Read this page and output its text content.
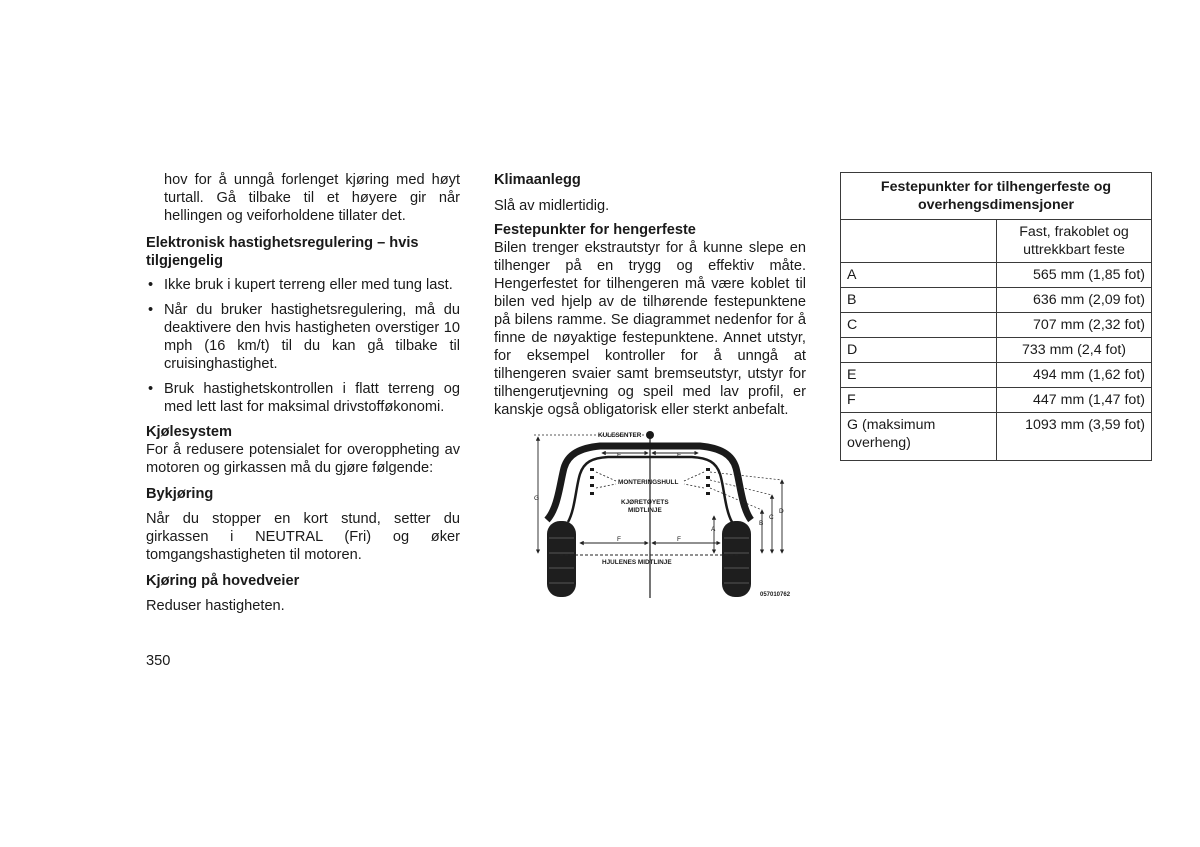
hov for å unngå forlenget kjøring med høyt turtall. Gå tilbake til et høyere gir når hellingen og veiforholdene tillater det.

Elektronisk hastighetsregulering – hvis tilgjengelig

• Ikke bruk i kupert terreng eller med tung last.
• Når du bruker hastighetsregulering, må du deaktivere den hvis hastigheten overstiger 10 mph (16 km/t) til du kan gå tilbake til cruisinghastighet.
• Bruk hastighetskontrollen i flatt terreng og med lett last for maksimal drivstofføkonomi.

Kjølesystem

For å redusere potensialet for overoppheting av motoren og girkassen må du gjøre følgende:

Bykjøring

Når du stopper en kort stund, setter du girkassen i NEUTRAL (Fri) og øker tomgangshastigheten til motoren.

Kjøring på hovedveier

Reduser hastigheten.

Klimaanlegg

Slå av midlertidig.

Festepunkter for hengerfeste

Bilen trenger ekstrautstyr for å kunne slepe en tilhenger på en trygg og effektiv måte. Hengerfestet for tilhengeren må være koblet til bilen ved hjelp av de tilhørende festepunktene på bilens ramme. Se diagrammet nedenfor for å finne de nøyaktige festepunktene. Annet utstyr, for eksempel kontroller for å unngå at tilhengeren svaier samt bremseutstyr, utstyr for tilhengerutjevning og speil med lav profil, er kanskje også obligatorisk eller sterkt anbefalt.

KULESENTER
E	E
MONTERINGSHULL
KJØRETØYETS
MIDTLINJE
F	F
HJULENES MIDTLINJE
G
A
B
C
D
057010762
Festepunkter for tilhengerfeste og overhengsdimensjoner	
	Fast, frakoblet og uttrekkbart feste
A	565 mm (1,85 fot)
B	636 mm (2,09 fot)
C	707 mm (2,32 fot)
D	733 mm (2,4 fot)
E	494 mm (1,62 fot)
F	447 mm (1,47 fot)
G (maksimum overheng)	1093 mm (3,59 fot)
350
